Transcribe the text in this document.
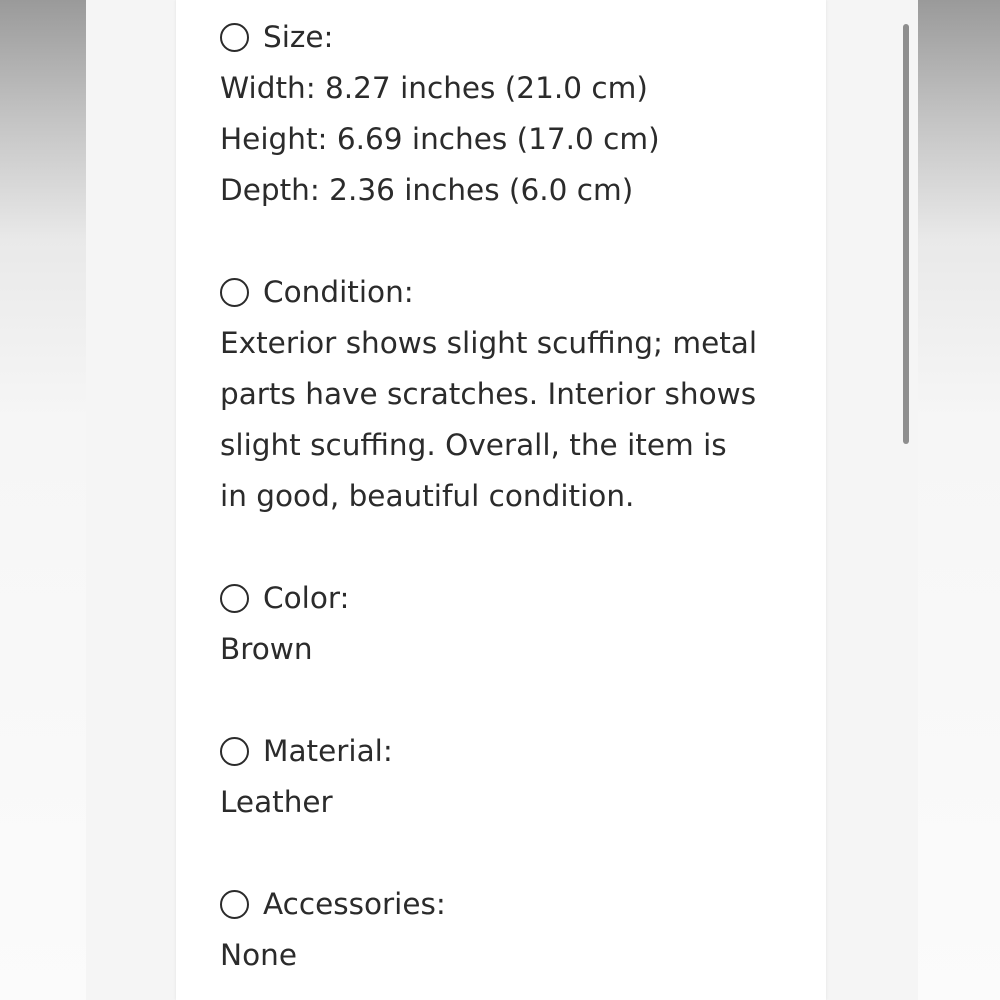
Size:
Width: 8.27 inches (21.0 cm)
Height: 6.69 inches (17.0 cm)
Depth: 2.36 inches (6.0 cm)
Condition:
Exterior shows slight scuffing; metal
parts have scratches. Interior shows
slight scuffing. Overall, the item is
in good, beautiful condition.
Color:
Brown
Material:
Leather
Accessories:
None
